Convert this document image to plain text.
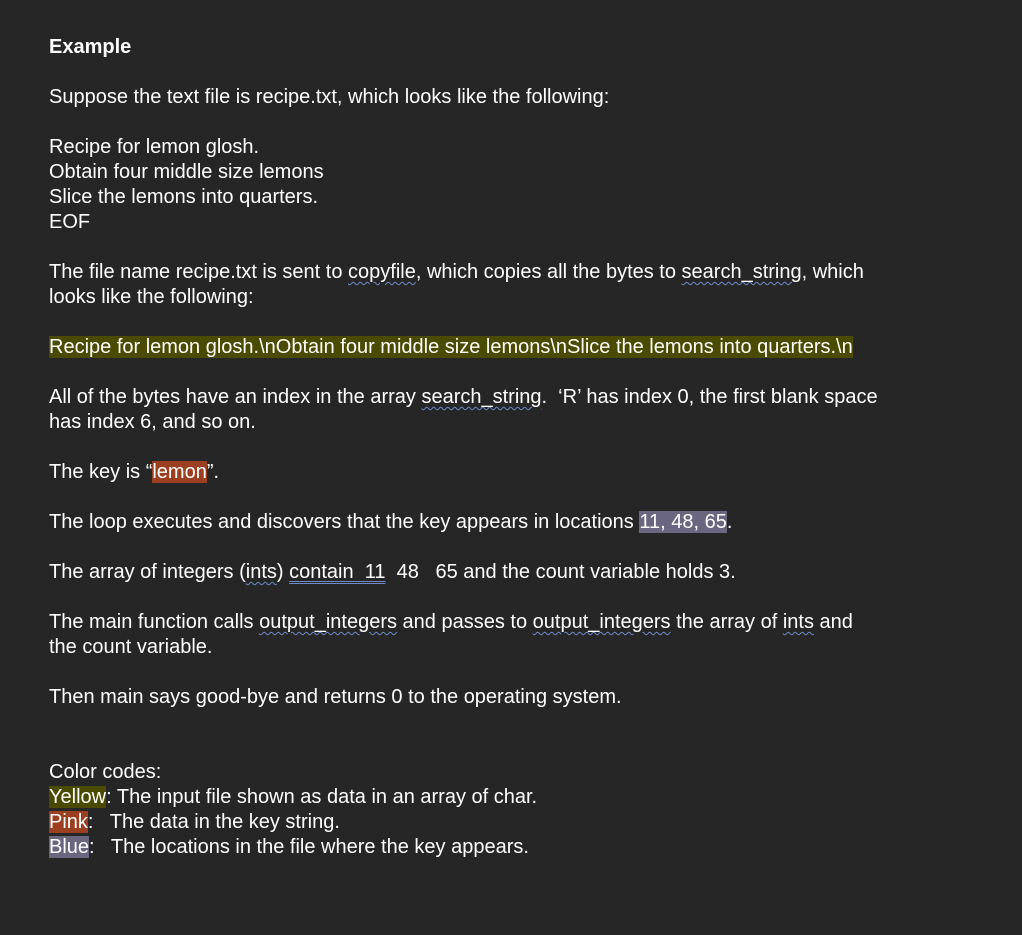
Example
Suppose the text file is recipe.txt, which looks like the following:
Recipe for lemon glosh.
Obtain four middle size lemons
Slice the lemons into quarters.
EOF
The file name recipe.txt is sent to copyfile, which copies all the bytes to search_string, which
looks like the following:
Recipe for lemon glosh.\nObtain four middle size lemons\nSlice the lemons into quarters.\n
All of the bytes have an index in the array search_string.  ‘R’ has index 0, the first blank space
has index 6, and so on.
The key is “lemon”.
The loop executes and discovers that the key appears in locations 11, 48, 65.
The array of integers (ints) contain  11  48   65 and the count variable holds 3.
The main function calls output_integers and passes to output_integers the array of ints and
the count variable.
Then main says good-bye and returns 0 to the operating system.
Color codes:
Yellow: The input file shown as data in an array of char.
Pink:   The data in the key string.
Blue:   The locations in the file where the key appears.
